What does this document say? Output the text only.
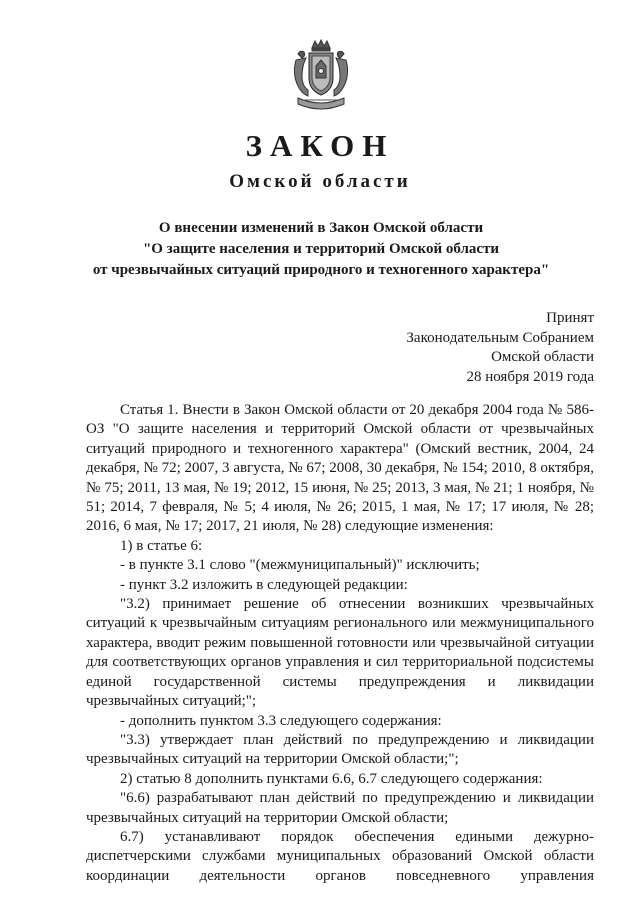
ЗАКОН
Омской области
О внесении изменений в Закон Омской области
"О защите населения и территорий Омской области
от чрезвычайных ситуаций природного и техногенного характера"
Принят
Законодательным Собранием
Омской области
28 ноября 2019 года

Статья 1. Внести в Закон Омской области от 20 декабря 2004 года № 586-ОЗ "О защите населения и территорий Омской области от чрезвычайных ситуаций природного и техногенного характера" (Омский вестник, 2004, 24 декабря, № 72; 2007, 3 августа, № 67; 2008, 30 декабря, № 154; 2010, 8 октября, № 75; 2011, 13 мая, № 19; 2012, 15 июня, № 25; 2013, 3 мая, № 21; 1 ноября, № 51; 2014, 7 февраля, № 5; 4 июля, № 26; 2015, 1 мая, № 17; 17 июля, № 28; 2016, 6 мая, № 17; 2017, 21 июля, № 28) следующие изменения:

1) в статье 6:

- в пункте 3.1 слово "(межмуниципальный)" исключить;

- пункт 3.2 изложить в следующей редакции:

"3.2) принимает решение об отнесении возникших чрезвычайных ситуаций к чрезвычайным ситуациям регионального или межмуниципального характера, вводит режим повышенной готовности или чрезвычайной ситуации для соответствующих органов управления и сил территориальной подсистемы единой государственной системы предупреждения и ликвидации чрезвычайных ситуаций;";

- дополнить пунктом 3.3 следующего содержания:

"3.3) утверждает план действий по предупреждению и ликвидации чрезвычайных ситуаций на территории Омской области;";

2) статью 8 дополнить пунктами 6.6, 6.7 следующего содержания:

"6.6) разрабатывают план действий по предупреждению и ликвидации чрезвычайных ситуаций на территории Омской области;

6.7) устанавливают порядок обеспечения едиными дежурно-диспетчерскими службами муниципальных образований Омской области координации деятельности органов повседневного управления
